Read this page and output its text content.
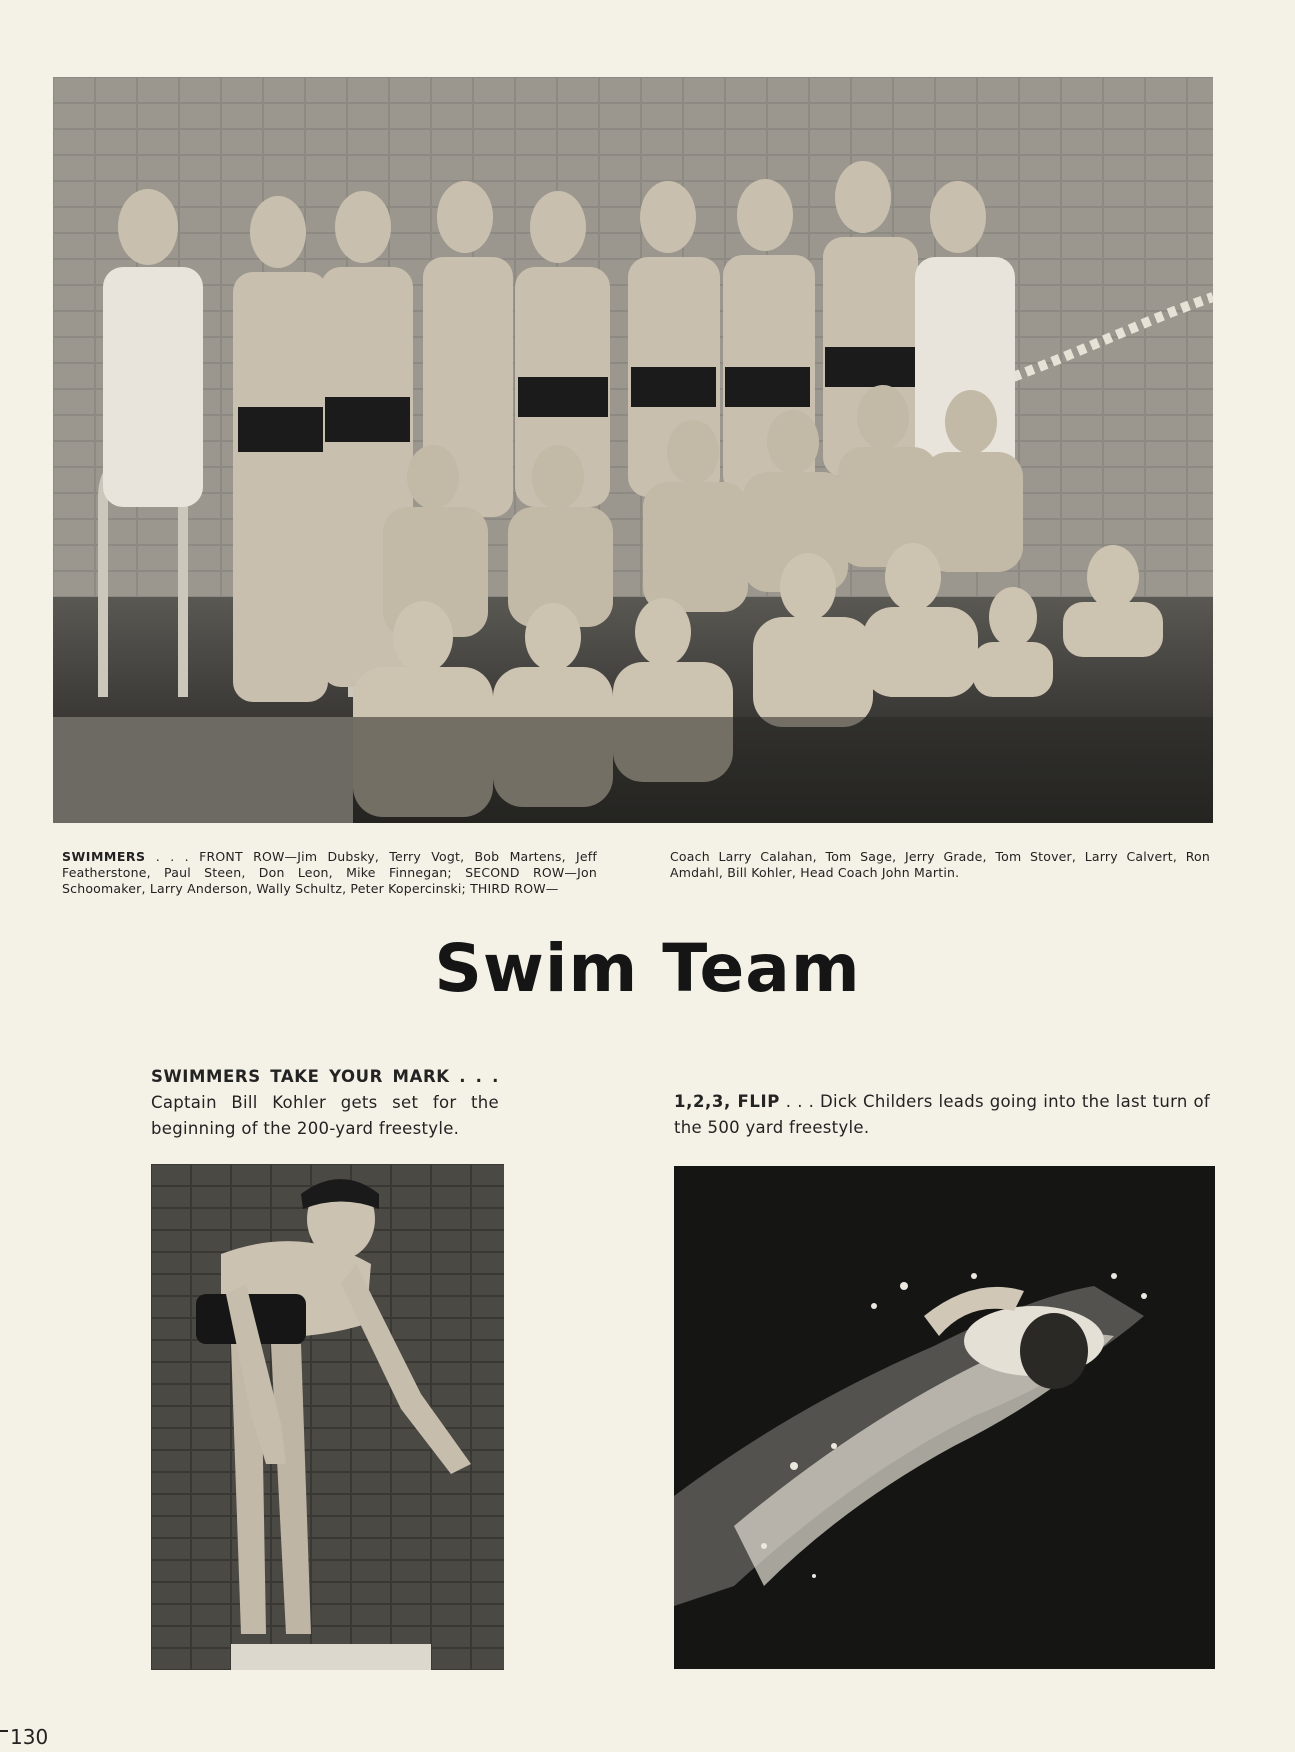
SWIMMERS . . . FRONT ROW—Jim Dubsky, Terry Vogt, Bob Martens, Jeff Featherstone, Paul Steen, Don Leon, Mike Finnegan; SECOND ROW—Jon Schoomaker, Larry Anderson, Wally Schultz, Peter Kopercinski; THIRD ROW—
Coach Larry Calahan, Tom Sage, Jerry Grade, Tom Stover, Larry Calvert, Ron Amdahl, Bill Kohler, Head Coach John Martin.
Swim Team
SWIMMERS TAKE YOUR MARK . . . Captain Bill Kohler gets set for the beginning of the 200-yard freestyle.
1,2,3, FLIP . . . Dick Childers leads going into the last turn of the 500 yard freestyle.
130
